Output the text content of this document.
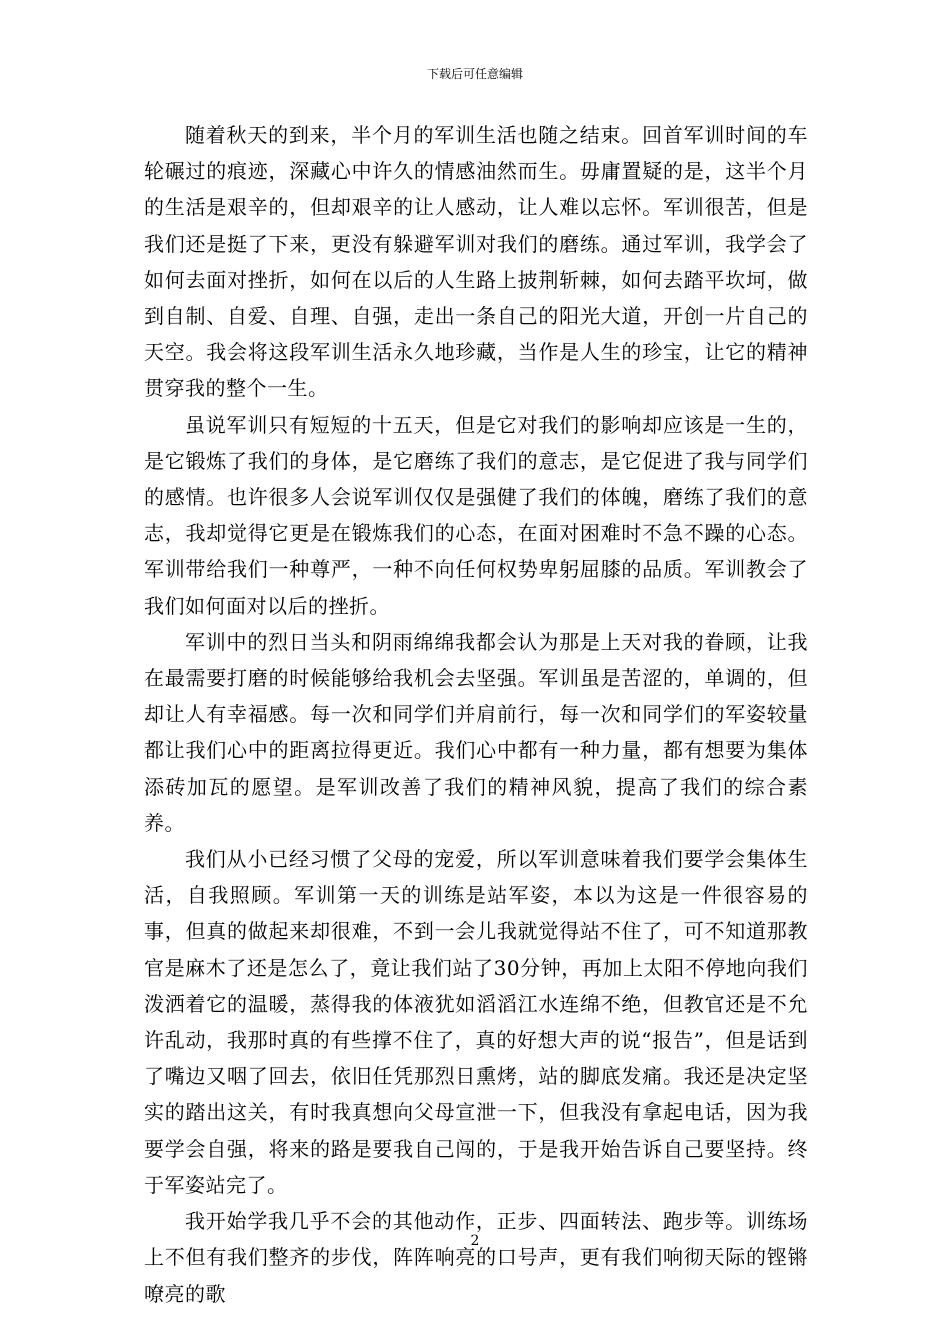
下载后可任意编辑

随着秋天的到来，半个月的军训生活也随之结束。回首军训时间的车轮碾过的痕迹，深藏心中许久的情感油然而生。毋庸置疑的是，这半个月的生活是艰辛的，但却艰辛的让人感动，让人难以忘怀。军训很苦，但是我们还是挺了下来，更没有躲避军训对我们的磨练。通过军训，我学会了如何去面对挫折，如何在以后的人生路上披荆斩棘，如何去踏平坎坷，做到自制、自爱、自理、自强，走出一条自己的阳光大道，开创一片自己的天空。我会将这段军训生活永久地珍藏，当作是人生的珍宝，让它的精神贯穿我的整个一生。

虽说军训只有短短的十五天，但是它对我们的影响却应该是一生的，是它锻炼了我们的身体，是它磨练了我们的意志，是它促进了我与同学们的感情。也许很多人会说军训仅仅是强健了我们的体魄，磨练了我们的意志，我却觉得它更是在锻炼我们的心态，在面对困难时不急不躁的心态。军训带给我们一种尊严，一种不向任何权势卑躬屈膝的品质。军训教会了我们如何面对以后的挫折。

军训中的烈日当头和阴雨绵绵我都会认为那是上天对我的眷顾，让我在最需要打磨的时候能够给我机会去坚强。军训虽是苦涩的，单调的，但却让人有幸福感。每一次和同学们并肩前行，每一次和同学们的军姿较量都让我们心中的距离拉得更近。我们心中都有一种力量，都有想要为集体添砖加瓦的愿望。是军训改善了我们的精神风貌，提高了我们的综合素养。

我们从小已经习惯了父母的宠爱，所以军训意味着我们要学会集体生活，自我照顾。军训第一天的训练是站军姿，本以为这是一件很容易的事，但真的做起来却很难，不到一会儿我就觉得站不住了，可不知道那教官是麻木了还是怎么了，竟让我们站了30分钟，再加上太阳不停地向我们泼洒着它的温暖，蒸得我的体液犹如滔滔江水连绵不绝，但教官还是不允许乱动，我那时真的有些撑不住了，真的好想大声的说“报告”，但是话到了嘴边又咽了回去，依旧任凭那烈日熏烤，站的脚底发痛。我还是决定坚实的踏出这关，有时我真想向父母宣泄一下，但我没有拿起电话，因为我要学会自强，将来的路是要我自己闯的，于是我开始告诉自己要坚持。终于军姿站完了。

我开始学我几乎不会的其他动作，正步、四面转法、跑步等。训练场上不但有我们整齐的步伐，阵阵响亮的口号声，更有我们响彻天际的铿锵嘹亮的歌

2
